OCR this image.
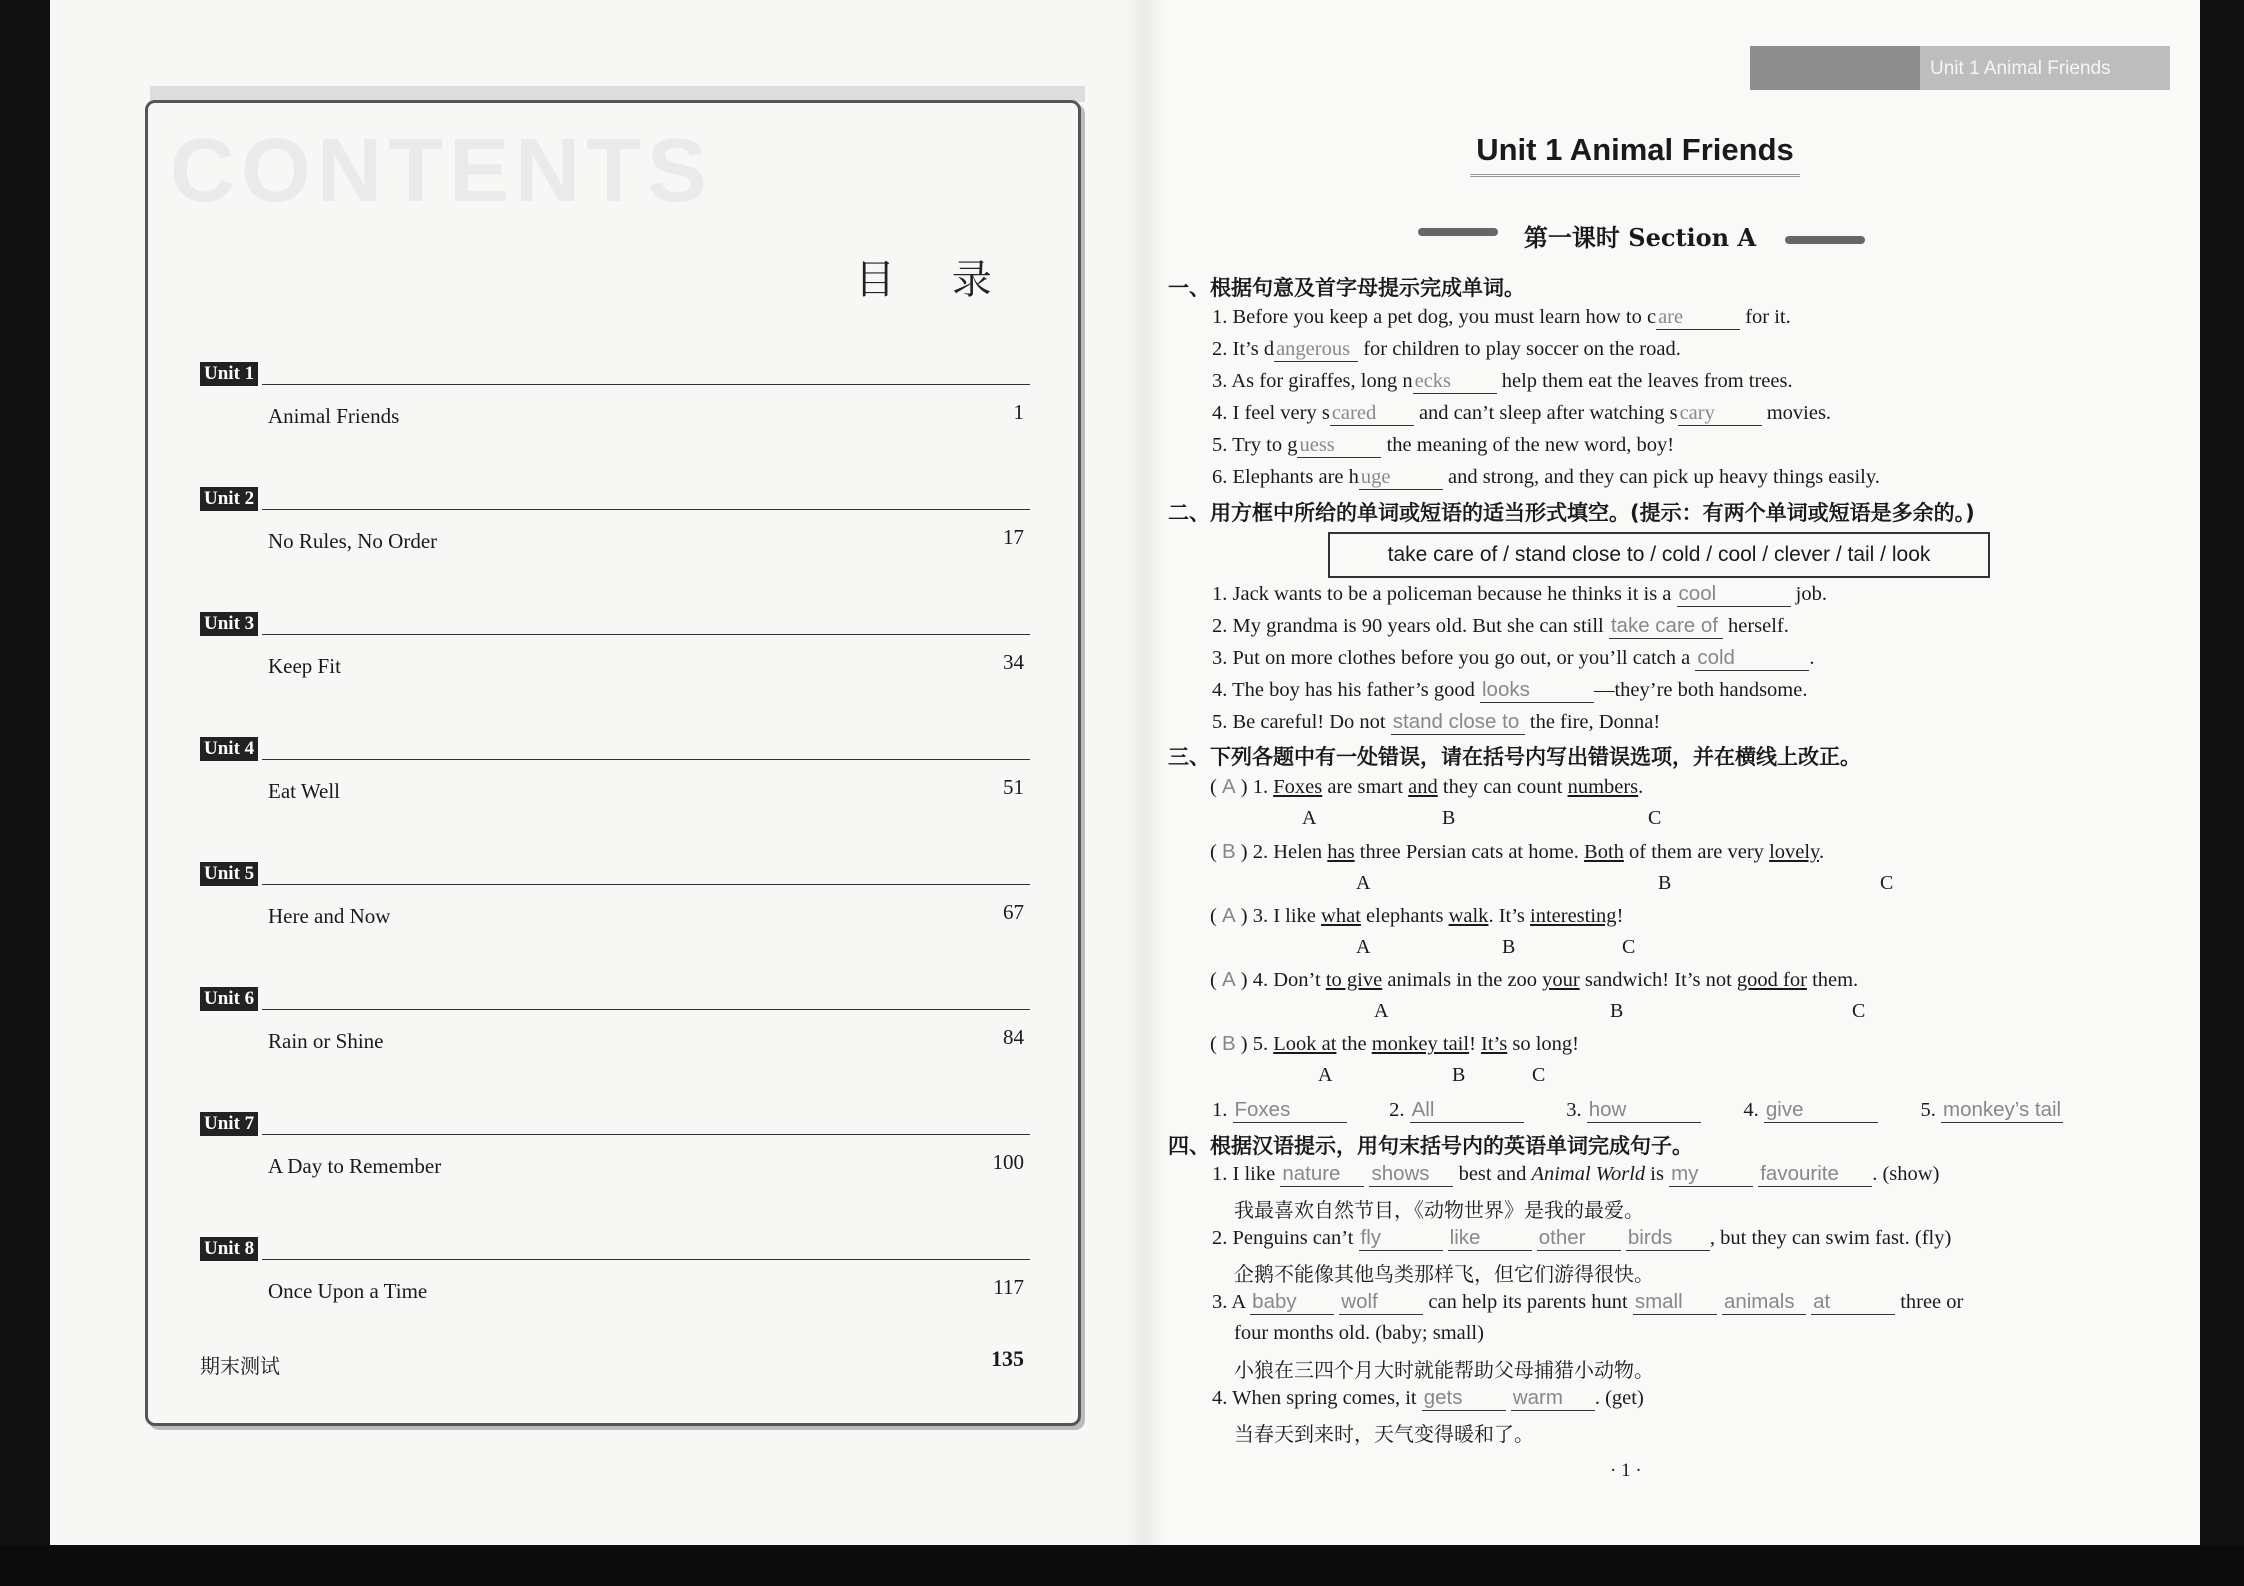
CONTENTS
目 录
Unit 1
Animal Friends	1
Unit 2
No Rules, No Order	17
Unit 3
Keep Fit	34
Unit 4
Eat Well	51
Unit 5
Here and Now	67
Unit 6
Rain or Shine	84
Unit 7
A Day to Remember	100
Unit 8
Once Upon a Time	117
期末测试	135
Unit 1 Animal Friends
Unit 1 Animal Friends
第一课时 Section A
一、根据句意及首字母提示完成单词。
1. Before you keep a pet dog, you must learn how to care	for it.
2. It’s dangerous for children to play soccer on the road.
3. As for giraffes, long necks help them eat the leaves from trees.
4. I feel very scared and can’t sleep after watching scary movies.
5. Try to guess the meaning of the new word, boy!
6. Elephants are huge	and strong, and they can pick up heavy things easily.
二、用方框中所给的单词或短语的适当形式填空。(提示：有两个单词或短语是多余的。)
take care of / stand close to / cold / cool / clever / tail / look
1. Jack wants to be a policeman because he thinks it is a cool	job.
2. My grandma is 90 years old. But she can still take care of herself.
3. Put on more clothes before you go out, or you’ll catch a cold	.
4. The boy has his father’s good looks	—they’re both handsome.
5. Be careful! Do not stand close to the fire, Donna!
三、下列各题中有一处错误，请在括号内写出错误选项，并在横线上改正。
( A ) 1. Foxes are smart and they can count numbers.
A	B	C
( B ) 2. Helen has three Persian cats at home. Both of them are very lovely.
A	B	C
( A ) 3. I like what elephants walk. It’s interesting!
A	B	C
( A ) 4. Don’t to give animals in the zoo your sandwich! It’s not good for them.
A	B	C
( B ) 5. Look at the monkey tail! It’s so long!
A	B	C
1. Foxes	2. All	3. how	4. give	5. monkey’s tail
四、根据汉语提示，用句末括号内的英语单词完成句子。
1. I like nature shows best and Animal World is my	favourite . (show)
我最喜欢自然节目，《动物世界》是我的最爱。
2. Penguins can’t fly	like	other birds , but they can swim fast. (fly)
企鹅不能像其他鸟类那样飞，但它们游得很快。
3. A baby wolf can help its parents hunt small animals at	three or
four months old. (baby; small)
小狼在三四个月大时就能帮助父母捕猎小动物。
4. When spring comes, it gets warm . (get)
当春天到来时，天气变得暖和了。
· 1 ·
